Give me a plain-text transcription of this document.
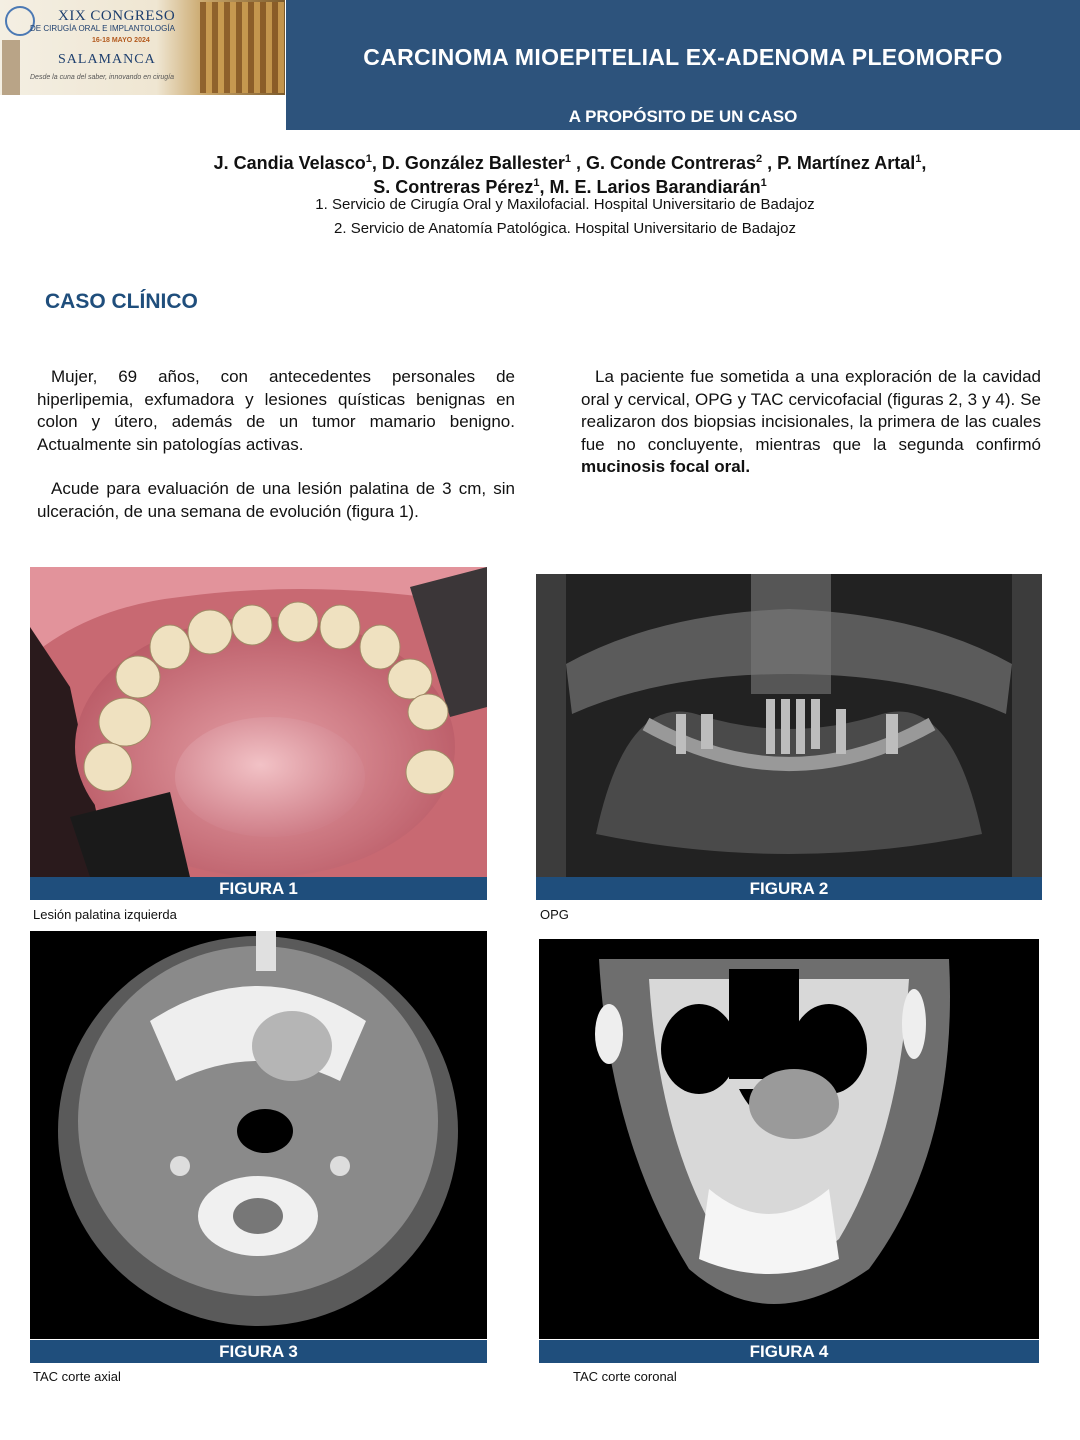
XIX CONGRESO
DE CIRUGÍA ORAL E IMPLANTOLOGÍA
16-18 MAYO 2024
SALAMANCA
Desde la cuna del saber, innovando en cirugía
CARCINOMA MIOEPITELIAL EX-ADENOMA PLEOMORFO
A PROPÓSITO DE UN CASO
J. Candia Velasco$^1$, D. González Ballester$^1$ , G. Conde Contreras$^2$ , P. Martínez Artal$^1$,
S. Contreras Pérez$^1$, M. E. Larios Barandiarán$^1$
1. Servicio de Cirugía Oral y Maxilofacial. Hospital Universitario de Badajoz
2. Servicio de Anatomía Patológica. Hospital Universitario de Badajoz
CASO CLÍNICO

Mujer, 69 años, con antecedentes personales de hiperlipemia, exfumadora y lesiones quísticas benignas en colon y útero, además de un tumor mamario benigno. Actualmente sin patologías activas.

Acude para evaluación de una lesión palatina de 3 cm, sin ulceración, de una semana de evolución (figura 1).

La paciente fue sometida a una exploración de la cavidad oral y cervical, OPG y TAC cervicofacial (figuras 2, 3 y 4). Se realizaron dos biopsias incisionales, la primera de las cuales fue no concluyente, mientras que la segunda confirmó mucinosis focal oral.

FIGURA 1
Lesión palatina izquierda
FIGURA 2
OPG
FIGURA 3
TAC corte axial
FIGURA 4
TAC corte coronal
